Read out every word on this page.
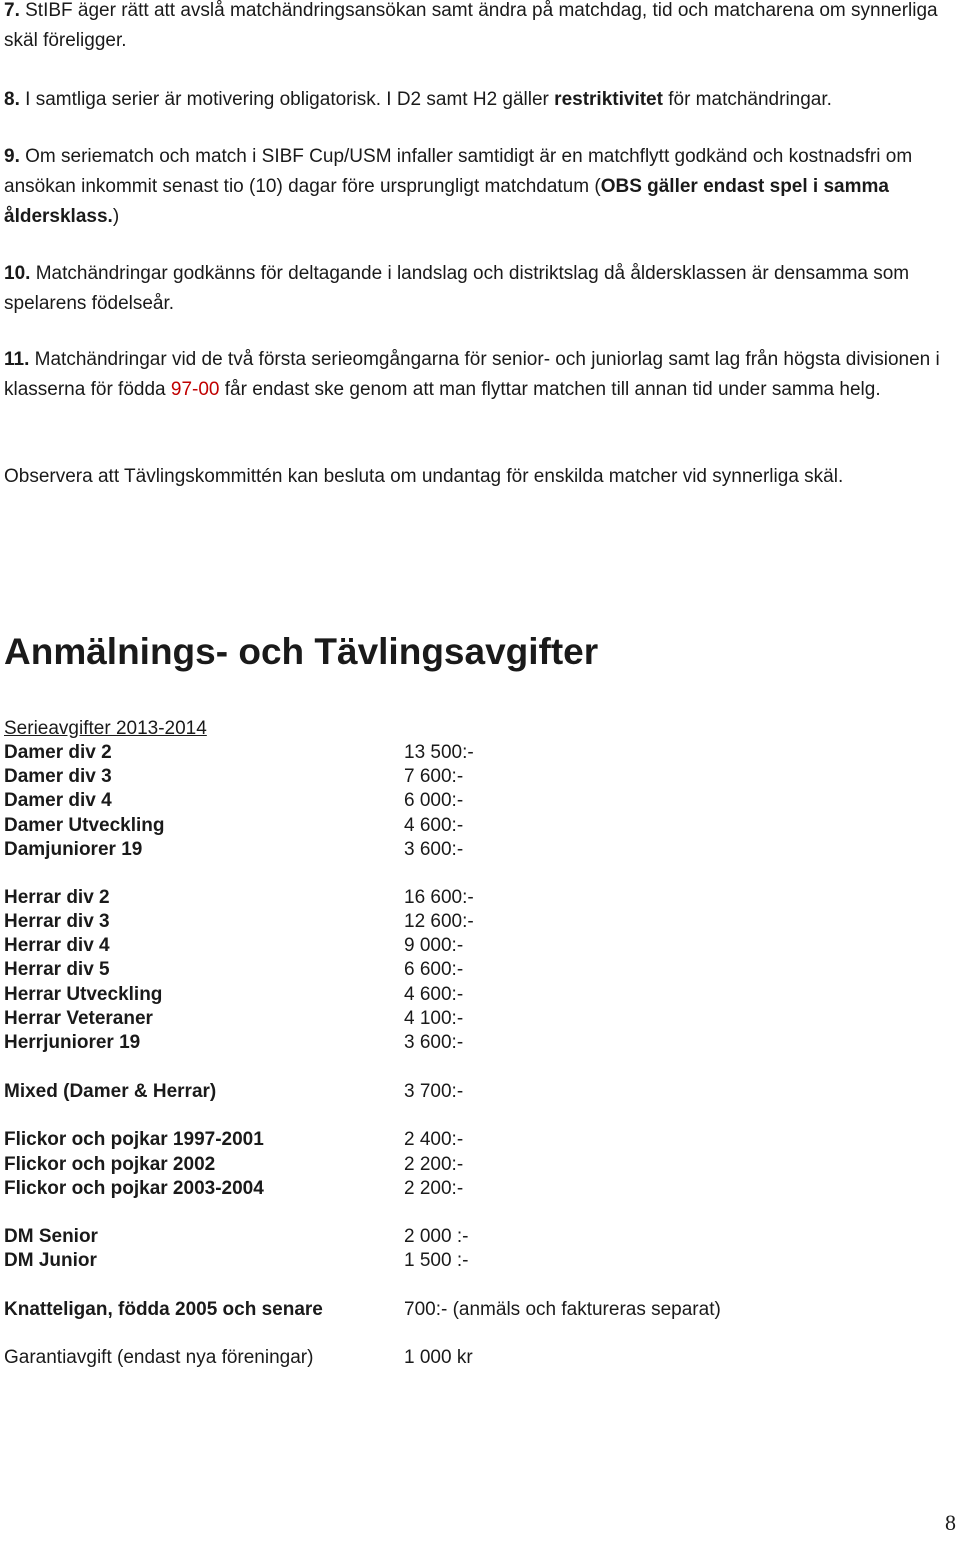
7. StIBF äger rätt att avslå matchändringsansökan samt ändra på matchdag, tid och matcharena om synnerliga skäl föreligger.

8. I samtliga serier är motivering obligatorisk. I D2 samt H2 gäller restriktivitet för matchändringar.

9. Om seriematch och match i SIBF Cup/USM infaller samtidigt är en matchflytt godkänd och kostnadsfri om ansökan inkommit senast tio (10) dagar före ursprungligt matchdatum (OBS gäller endast spel i samma åldersklass.)

10. Matchändringar godkänns för deltagande i landslag och distriktslag då åldersklassen är densamma som spelarens födelseår.

11. Matchändringar vid de två första serieomgångarna för senior- och juniorlag samt lag från högsta divisionen i klasserna för födda 97-00 får endast ske genom att man flyttar matchen till annan tid under samma helg.

Observera att Tävlingskommittén kan besluta om undantag för enskilda matcher vid synnerliga skäl.

Anmälnings- och Tävlingsavgifter
Serieavgifter 2013-2014
Damer div 2	13 500:-
Damer div 3	7 600:-
Damer div 4	6 000:-
Damer Utveckling	4 600:-
Damjuniorer 19	3 600:-
Herrar div 2	16 600:-
Herrar div 3	12 600:-
Herrar div 4	9 000:-
Herrar div 5	6 600:-
Herrar Utveckling	4 600:-
Herrar Veteraner	4 100:-
Herrjuniorer 19	3 600:-
Mixed (Damer & Herrar)	3 700:-
Flickor och pojkar 1997-2001	2 400:-
Flickor och pojkar 2002	2 200:-
Flickor och pojkar 2003-2004	2 200:-
DM Senior	2 000 :-
DM Junior	1 500 :-
Knatteligan, födda 2005 och senare	700:- (anmäls och faktureras separat)
Garantiavgift (endast nya föreningar)	1 000 kr
8
